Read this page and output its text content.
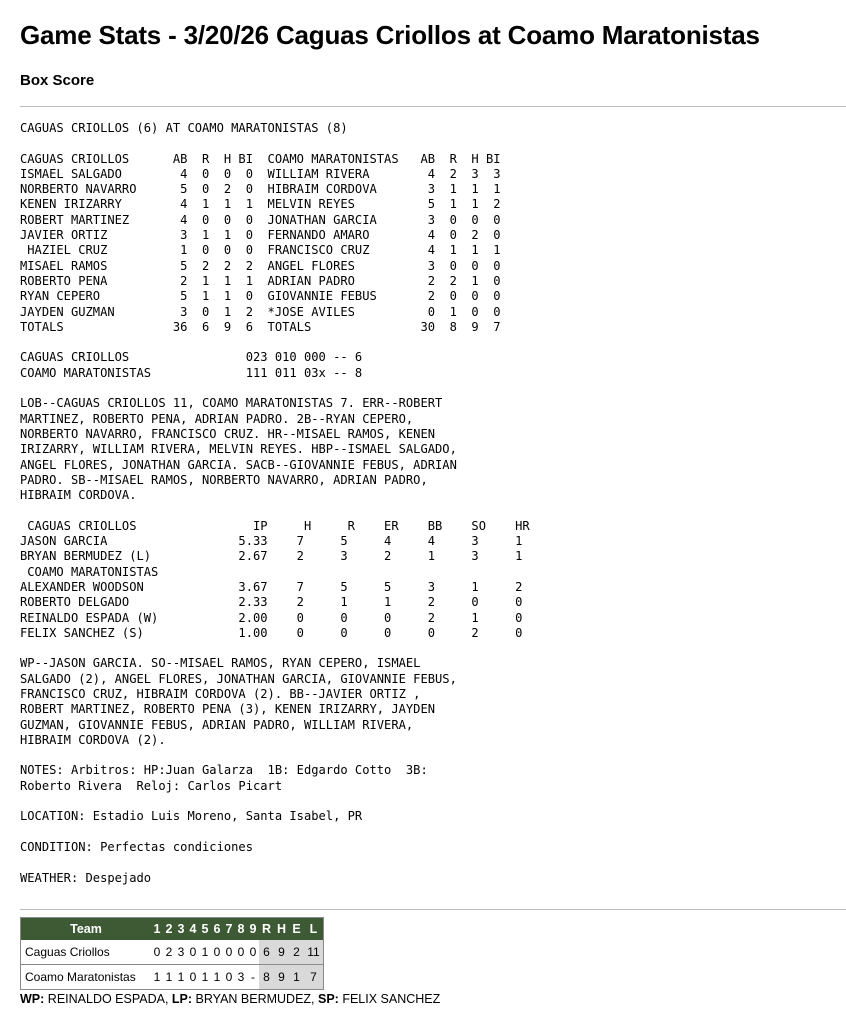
Game Stats - 3/20/26 Caguas Criollos at Coamo Maratonistas
Box Score
CAGUAS CRIOLLOS (6) AT COAMO MARATONISTAS (8)

CAGUAS CRIOLLOS      AB  R  H BI  COAMO MARATONISTAS   AB  R  H BI
ISMAEL SALGADO        4  0  0  0  WILLIAM RIVERA        4  2  3  3
NORBERTO NAVARRO      5  0  2  0  HIBRAIM CORDOVA       3  1  1  1
KENEN IRIZARRY        4  1  1  1  MELVIN REYES          5  1  1  2
ROBERT MARTINEZ       4  0  0  0  JONATHAN GARCIA       3  0  0  0
JAVIER ORTIZ          3  1  1  0  FERNANDO AMARO        4  0  2  0
HAZIEL CRUZ          1  0  0  0  FRANCISCO CRUZ        4  1  1  1
MISAEL RAMOS          5  2  2  2  ANGEL FLORES          3  0  0  0
ROBERTO PENA          2  1  1  1  ADRIAN PADRO          2  2  1  0
RYAN CEPERO           5  1  1  0  GIOVANNIE FEBUS       2  0  0  0
JAYDEN GUZMAN         3  0  1  2  *JOSE AVILES          0  1  0  0
TOTALS               36  6  9  6  TOTALS               30  8  9  7

CAGUAS CRIOLLOS                023 010 000 -- 6
COAMO MARATONISTAS             111 011 03x -- 8

LOB--CAGUAS CRIOLLOS 11, COAMO MARATONISTAS 7. ERR--ROBERT
MARTINEZ, ROBERTO PENA, ADRIAN PADRO. 2B--RYAN CEPERO,
NORBERTO NAVARRO, FRANCISCO CRUZ. HR--MISAEL RAMOS, KENEN
IRIZARRY, WILLIAM RIVERA, MELVIN REYES. HBP--ISMAEL SALGADO,
ANGEL FLORES, JONATHAN GARCIA. SACB--GIOVANNIE FEBUS, ADRIAN
PADRO. SB--MISAEL RAMOS, NORBERTO NAVARRO, ADRIAN PADRO,
HIBRAIM CORDOVA.

CAGUAS CRIOLLOS                IP     H     R    ER    BB    SO    HR
JASON GARCIA                  5.33    7     5     4     4     3     1
BRYAN BERMUDEZ (L)            2.67    2     3     2     1     3     1
COAMO MARATONISTAS
ALEXANDER WOODSON             3.67    7     5     5     3     1     2
ROBERTO DELGADO               2.33    2     1     1     2     0     0
REINALDO ESPADA (W)           2.00    0     0     0     2     1     0
FELIX SANCHEZ (S)             1.00    0     0     0     0     2     0

WP--JASON GARCIA. SO--MISAEL RAMOS, RYAN CEPERO, ISMAEL
SALGADO (2), ANGEL FLORES, JONATHAN GARCIA, GIOVANNIE FEBUS,
FRANCISCO CRUZ, HIBRAIM CORDOVA (2). BB--JAVIER ORTIZ ,
ROBERT MARTINEZ, ROBERTO PENA (3), KENEN IRIZARRY, JAYDEN
GUZMAN, GIOVANNIE FEBUS, ADRIAN PADRO, WILLIAM RIVERA,
HIBRAIM CORDOVA (2).

NOTES: Arbitros: HP:Juan Galarza  1B: Edgardo Cotto  3B:
Roberto Rivera  Reloj: Carlos Picart

LOCATION: Estadio Luis Moreno, Santa Isabel, PR

CONDITION: Perfectas condiciones

WEATHER: Despejado
Team	1	2	3	4	5	6	7	8	9	R	H	E	L
Caguas Criollos	0	2	3	0	1	0	0	0	0	6	9	2	11
Coamo Maratonistas	1	1	1	0	1	1	0	3	-	8	9	1	7
WP: REINALDO ESPADA, LP: BRYAN BERMUDEZ, SP: FELIX SANCHEZ
